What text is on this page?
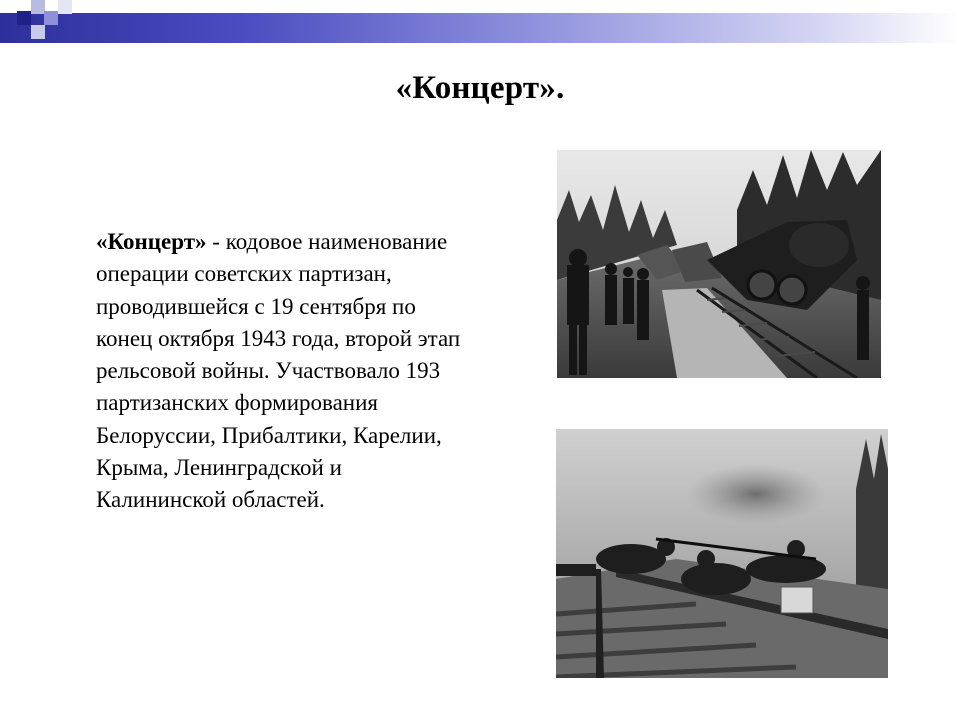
«Концерт».
«Концерт» - кодовое наименование операции советских партизан, проводившейся с 19 сентября по конец октября 1943 года, второй этап рельсовой войны. Участвовало 193 партизанских формирования Белоруссии, Прибалтики, Карелии, Крыма, Ленинградской и Калининской областей.
